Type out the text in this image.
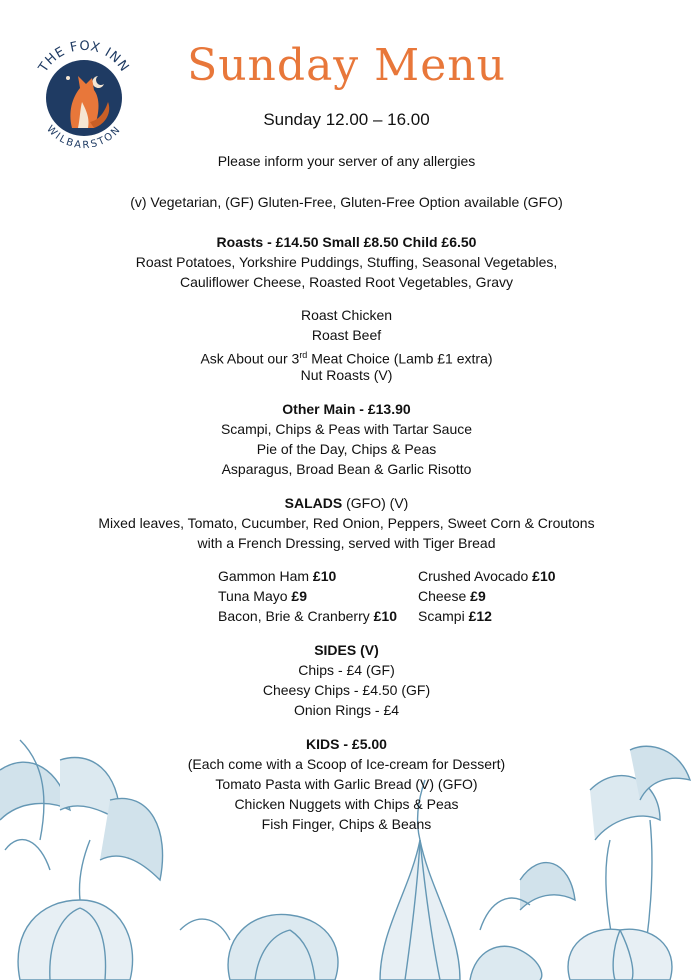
THE FOX INN
WILBARSTON
Sunday Menu
Sunday 12.00 – 16.00
Please inform your server of any allergies
(v) Vegetarian, (GF) Gluten-Free, Gluten-Free Option available (GFO)
Roasts - £14.50 Small £8.50 Child £6.50
Roast Potatoes, Yorkshire Puddings, Stuffing, Seasonal Vegetables,
Cauliflower Cheese, Roasted Root Vegetables, Gravy
Roast Chicken
Roast Beef
Ask About our 3rd Meat Choice (Lamb £1 extra)
Nut Roasts (V)
Other Main - £13.90
Scampi, Chips & Peas with Tartar Sauce
Pie of the Day, Chips & Peas
Asparagus, Broad Bean & Garlic Risotto
SALADS (GFO) (V)
Mixed leaves, Tomato, Cucumber, Red Onion, Peppers, Sweet Corn & Croutons
with a French Dressing, served with Tiger Bread
Gammon Ham £10	Crushed Avocado £10
Tuna Mayo £9	Cheese £9
Bacon, Brie & Cranberry £10	Scampi £12
SIDES (V)
Chips - £4 (GF)
Cheesy Chips - £4.50 (GF)
Onion Rings - £4
KIDS - £5.00
(Each come with a Scoop of Ice-cream for Dessert)
Tomato Pasta with Garlic Bread (V) (GFO)
Chicken Nuggets with Chips & Peas
Fish Finger, Chips & Beans
